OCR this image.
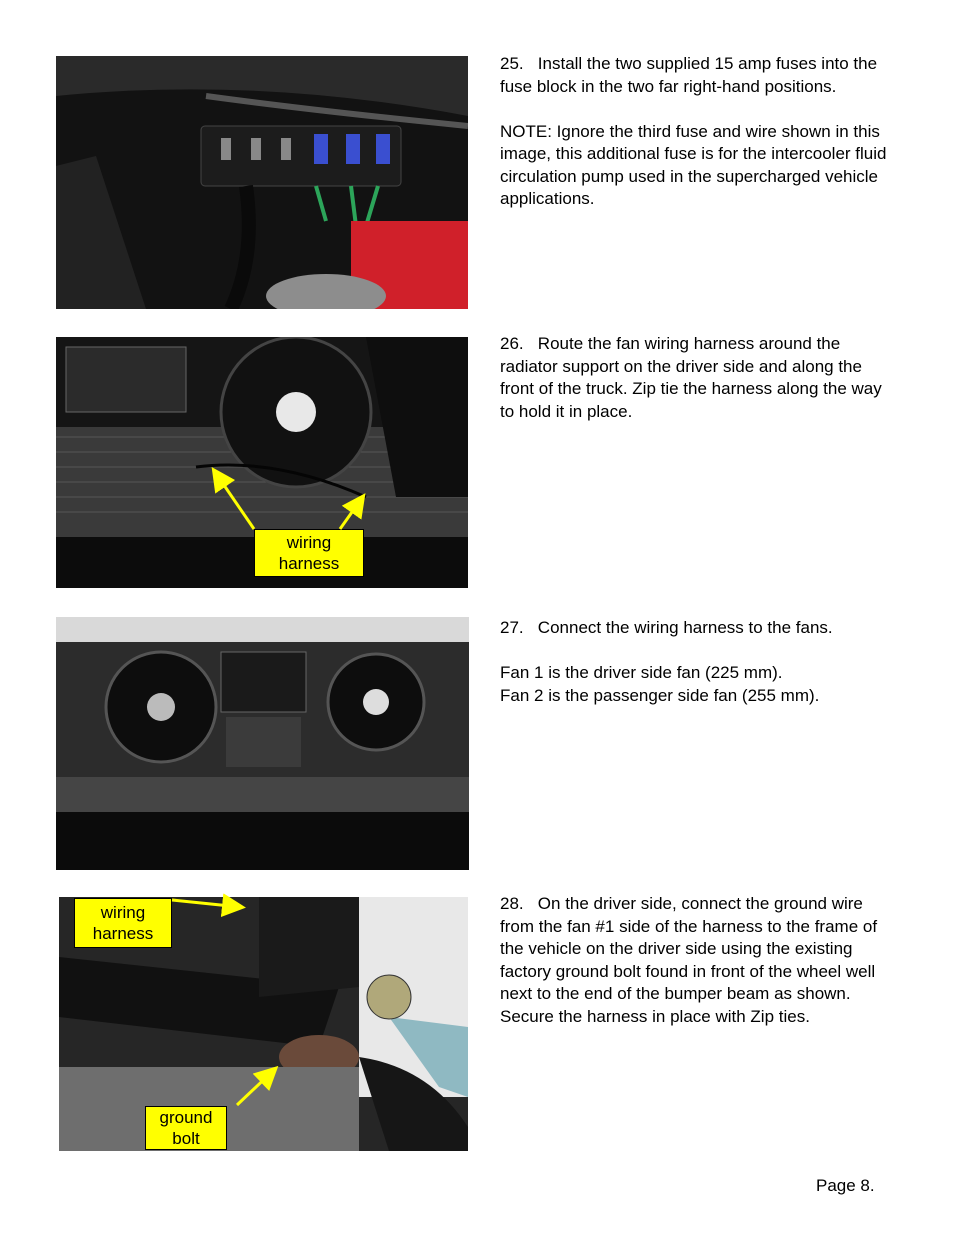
25.   Install the two supplied 15 amp fuses into the fuse block in the two far right-hand positions.

NOTE: Ignore the third fuse and wire shown in this image, this additional fuse is for the intercooler fluid circulation pump used in the supercharged vehicle applications.

26.   Route the fan wiring harness around the radiator support on the driver side and along the front of the truck. Zip tie the harness along the way to hold it in place.

wiring
harness

27.   Connect the wiring harness to the fans.

Fan 1 is the driver side fan (225 mm).
Fan 2 is the passenger side fan (255 mm).

28.   On the driver side, connect the ground wire from the fan #1 side of the harness to the frame of the vehicle on the driver side using the existing factory ground bolt found in front of the wheel well next to the end of the bumper beam as shown. Secure the harness in place with Zip ties.

wiring
harness
ground
bolt
Page 8.
